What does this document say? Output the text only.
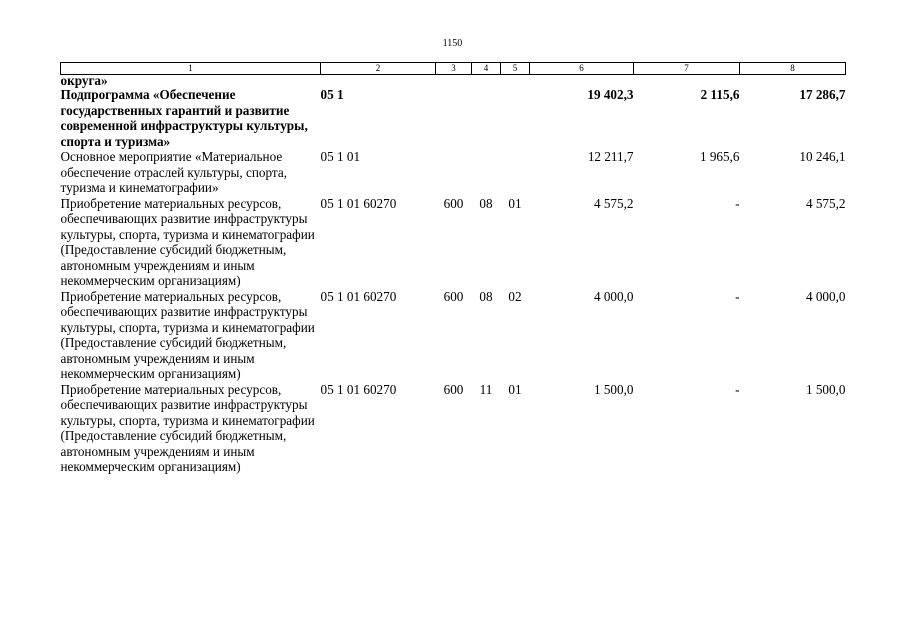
1150
1	2	3	4	5	6	7	8
округа»							
Подпрограмма «Обеспечение государственных гарантий и развитие современной инфраструктуры культуры, спорта и туризма»	05 1				19 402,3	2 115,6	17 286,7
Основное мероприятие «Материальное обеспечение отраслей культуры, спорта, туризма и кинематографии»	05 1 01				12 211,7	1 965,6	10 246,1
Приобретение материальных ресурсов, обеспечивающих развитие инфраструктуры культуры, спорта, туризма и кинематографии (Предоставление субсидий бюджетным, автономным учреждениям и иным некоммерческим организациям)	05 1 01 60270	600	08	01	4 575,2	-	4 575,2
Приобретение материальных ресурсов, обеспечивающих развитие инфраструктуры культуры, спорта, туризма и кинематографии (Предоставление субсидий бюджетным, автономным учреждениям и иным некоммерческим организациям)	05 1 01 60270	600	08	02	4 000,0	-	4 000,0
Приобретение материальных ресурсов, обеспечивающих развитие инфраструктуры культуры, спорта, туризма и кинематографии (Предоставление субсидий бюджетным, автономным учреждениям и иным некоммерческим организациям)	05 1 01 60270	600	11	01	1 500,0	-	1 500,0
